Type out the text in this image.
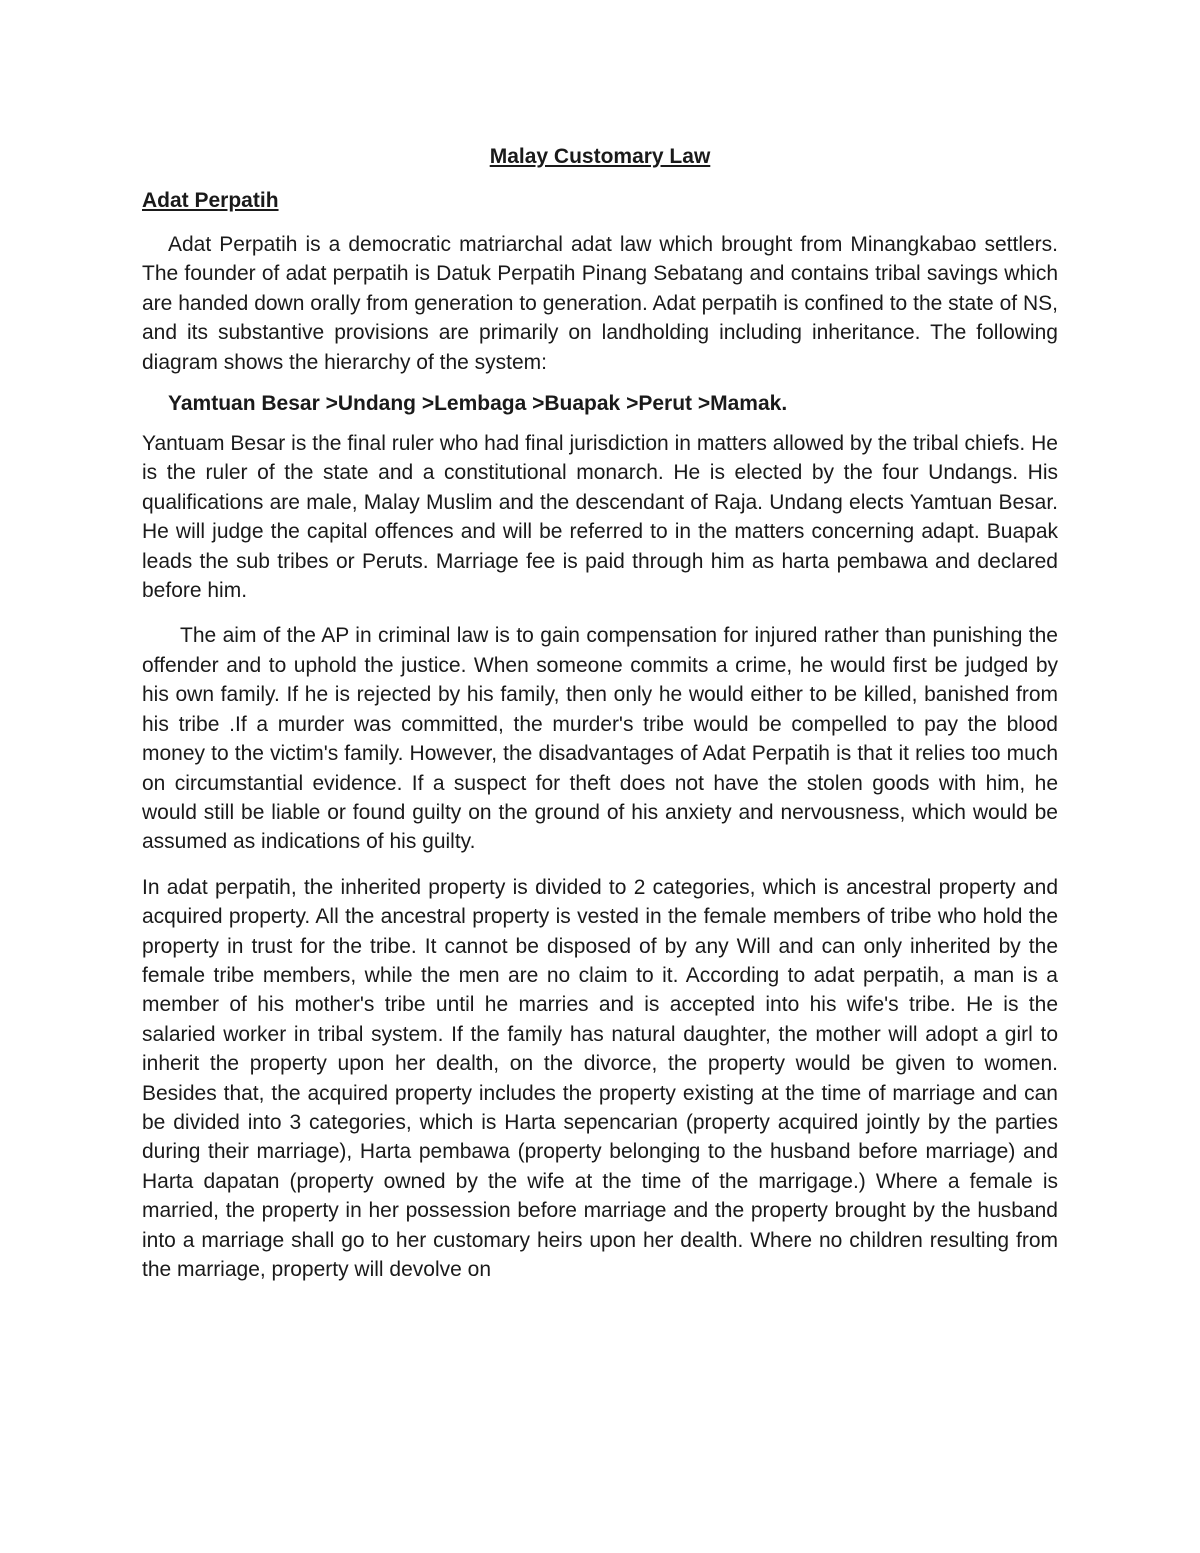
Malay Customary Law
Adat Perpatih

Adat Perpatih is a democratic matriarchal adat law which brought from Minangkabao settlers. The founder of adat perpatih is Datuk Perpatih Pinang Sebatang and contains tribal savings which are handed down orally from generation to generation. Adat perpatih is confined to the state of NS, and its substantive provisions are primarily on landholding including inheritance. The following diagram shows the hierarchy of the system:

Yamtuan Besar >Undang >Lembaga >Buapak >Perut >Mamak.

Yantuam Besar is the final ruler who had final jurisdiction in matters allowed by the tribal chiefs. He is the ruler of the state and a constitutional monarch. He is elected by the four Undangs. His qualifications are male, Malay Muslim and the descendant of Raja. Undang elects Yamtuan Besar. He will judge the capital offences and will be referred to in the matters concerning adapt. Buapak leads the sub tribes or Peruts. Marriage fee is paid through him as harta pembawa and declared before him.

The aim of the AP in criminal law is to gain compensation for injured rather than punishing the offender and to uphold the justice. When someone commits a crime, he would first be judged by his own family. If he is rejected by his family, then only he would either to be killed, banished from his tribe .If a murder was committed, the murder's tribe would be compelled to pay the blood money to the victim's family. However, the disadvantages of Adat Perpatih is that it relies too much on circumstantial evidence. If a suspect for theft does not have the stolen goods with him, he would still be liable or found guilty on the ground of his anxiety and nervousness, which would be assumed as indications of his guilty.

In adat perpatih, the inherited property is divided to 2 categories, which is ancestral property and acquired property. All the ancestral property is vested in the female members of tribe who hold the property in trust for the tribe. It cannot be disposed of by any Will and can only inherited by the female tribe members, while the men are no claim to it. According to adat perpatih, a man is a member of his mother's tribe until he marries and is accepted into his wife's tribe. He is the salaried worker in tribal system. If the family has natural daughter, the mother will adopt a girl to inherit the property upon her dealth, on the divorce, the property would be given to women. Besides that, the acquired property includes the property existing at the time of marriage and can be divided into 3 categories, which is Harta sepencarian (property acquired jointly by the parties during their marriage), Harta pembawa (property belonging to the husband before marriage) and Harta dapatan (property owned by the wife at the time of the marrigage.) Where a female is married, the property in her possession before marriage and the property brought by the husband into a marriage shall go to her customary heirs upon her dealth. Where no children resulting from the marriage, property will devolve on
